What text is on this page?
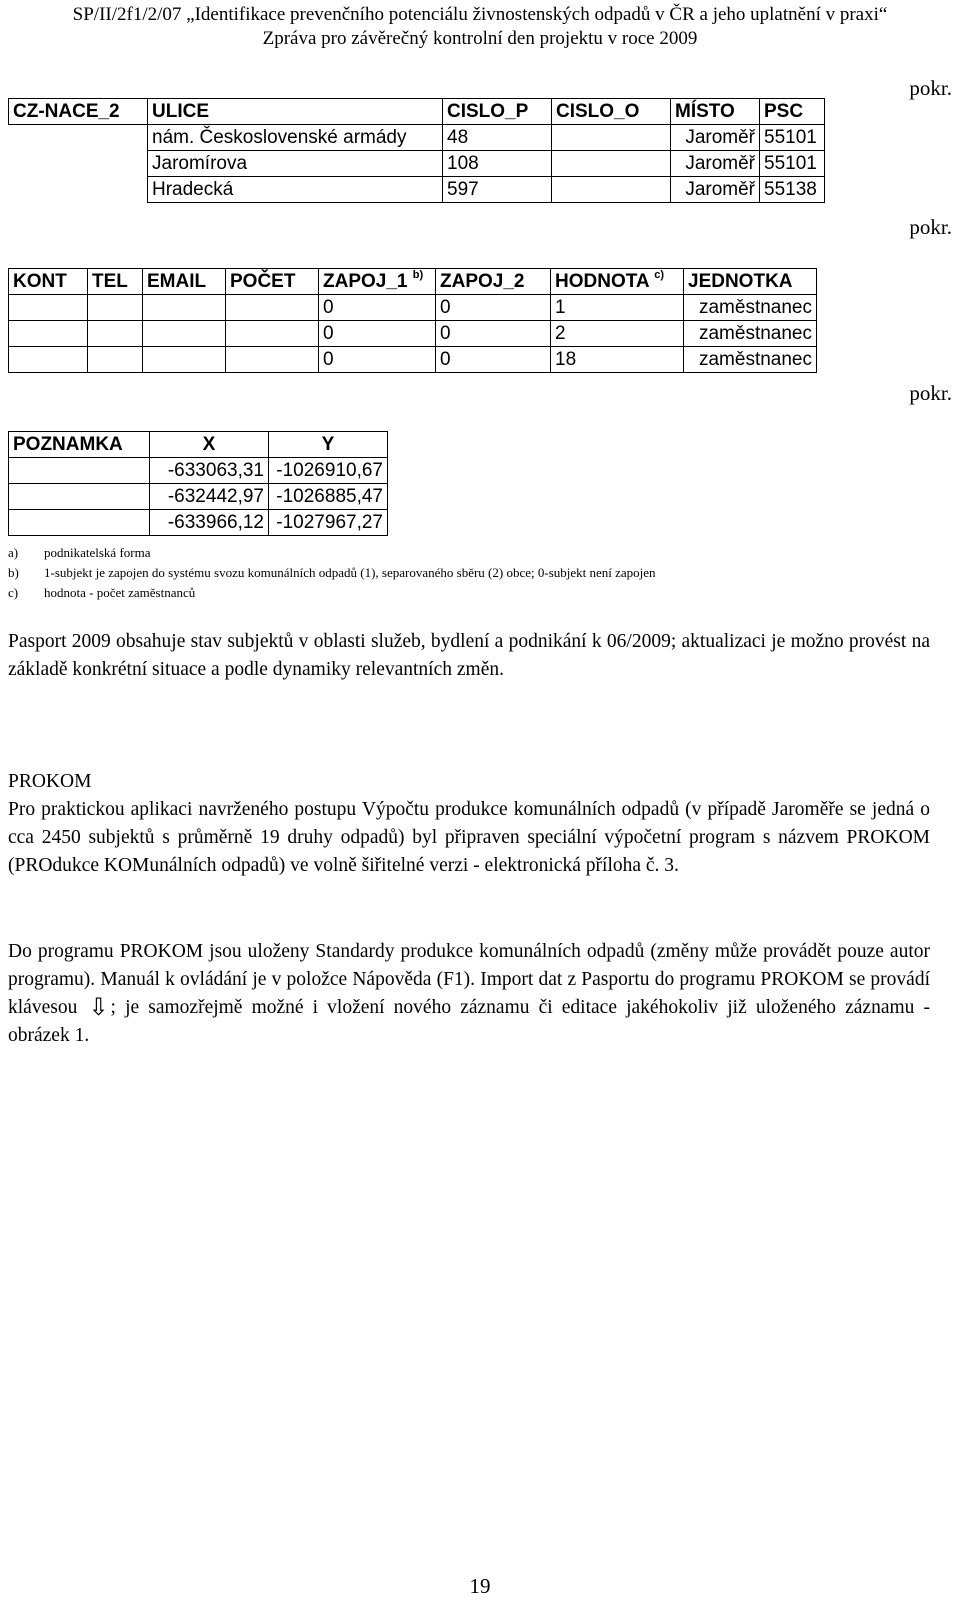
SP/II/2f1/2/07 „Identifikace prevenčního potenciálu živnostenských odpadů v ČR a jeho uplatnění v praxi“
Zpráva pro závěrečný kontrolní den projektu v roce 2009
pokr.
pokr.
pokr.
CZ-NACE_2	ULICE	CISLO_P	CISLO_O	MÍSTO	PSC
	nám. Československé armády	48		Jaroměř	55101
	Jaromírova	108		Jaroměř	55101
	Hradecká	597		Jaroměř	55138
KONT	TEL	EMAIL	POČET	ZAPOJ_1 $^{b)}$	ZAPOJ_2	HODNOTA $^{c)}$	JEDNOTKA
				0	0	1	zaměstnanec
				0	0	2	zaměstnanec
				0	0	18	zaměstnanec
POZNAMKA	X	Y
	-633063,31	-1026910,67
	-632442,97	-1026885,47
	-633966,12	-1027967,27
a) podnikatelská forma
b) 1-subjekt je zapojen do systému svozu komunálních odpadů (1), separovaného sběru (2) obce; 0-subjekt není zapojen
c) hodnota - počet zaměstnanců
Pasport 2009 obsahuje stav subjektů v oblasti služeb, bydlení a podnikání k 06/2009; aktualizaci je možno provést na základě konkrétní situace a podle dynamiky relevantních změn.
PROKOM
Pro praktickou aplikaci navrženého postupu Výpočtu produkce komunálních odpadů (v případě Jaroměře se jedná o cca 2450 subjektů s průměrně 19 druhy odpadů) byl připraven speciální výpočetní program s názvem PROKOM (PROdukce KOMunálních odpadů) ve volně šiřitelné verzi - elektronická příloha č. 3.
Do programu PROKOM jsou uloženy Standardy produkce komunálních odpadů (změny může provádět pouze autor programu). Manuál k ovládání je v položce Nápověda (F1). Import dat z Pasportu do programu PROKOM se provádí klávesou ⇩ ; je samozřejmě možné i vložení nového záznamu či editace jakéhokoliv již uloženého záznamu - obrázek 1.
19
